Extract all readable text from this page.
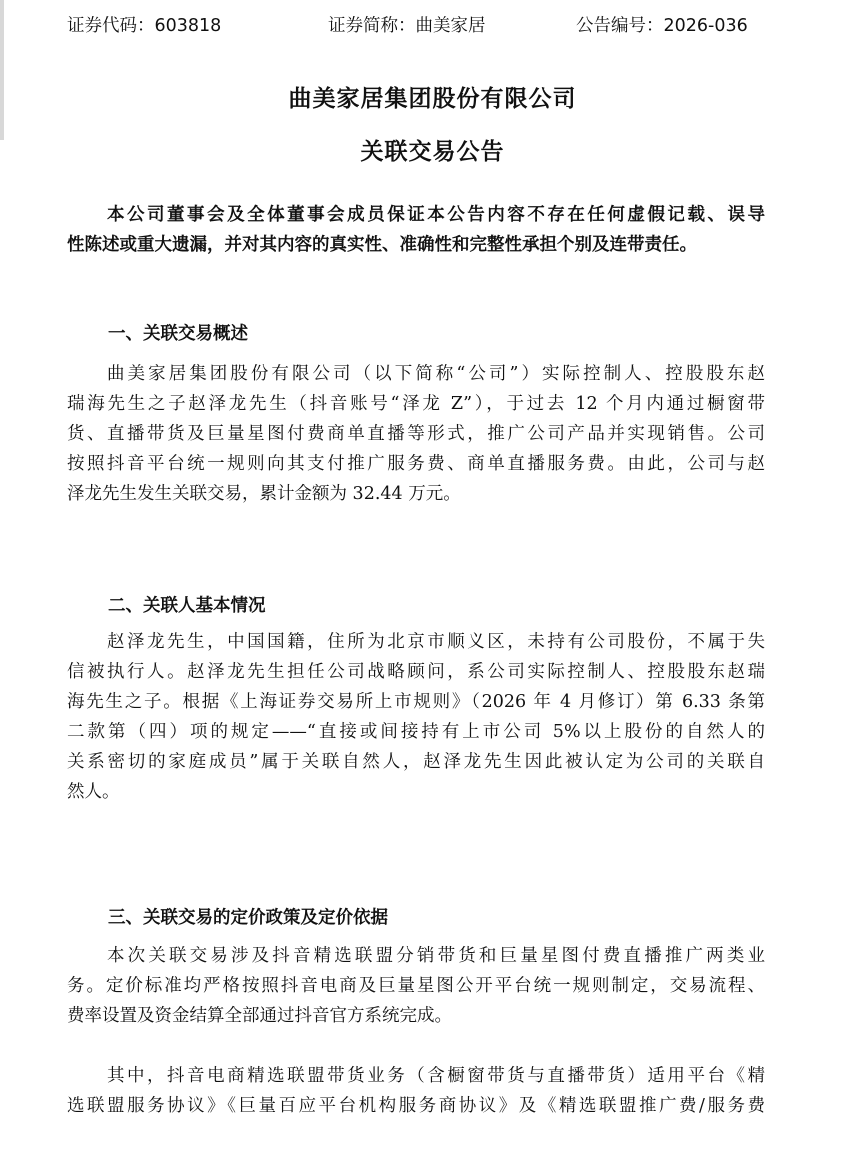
证券代码：603818	证券简称：曲美家居	公告编号：2026-036
曲美家居集团股份有限公司
关联交易公告
本公司董事会及全体董事会成员保证本公告内容不存在任何虚假记载、误导
性陈述或重大遗漏，并对其内容的真实性、准确性和完整性承担个别及连带责任。
一、关联交易概述
曲美家居集团股份有限公司（以下简称“公司”）实际控制人、控股股东赵
瑞海先生之子赵泽龙先生（抖音账号“泽龙 Z”），于过去 12 个月内通过橱窗带
货、直播带货及巨量星图付费商单直播等形式，推广公司产品并实现销售。公司
按照抖音平台统一规则向其支付推广服务费、商单直播服务费。由此，公司与赵
泽龙先生发生关联交易，累计金额为 32.44 万元。
二、关联人基本情况
赵泽龙先生，中国国籍，住所为北京市顺义区，未持有公司股份，不属于失
信被执行人。赵泽龙先生担任公司战略顾问，系公司实际控制人、控股股东赵瑞
海先生之子。根据《上海证券交易所上市规则》（2026 年 4 月修订）第 6.33 条第
二款第（四）项的规定——“直接或间接持有上市公司 5%以上股份的自然人的
关系密切的家庭成员”属于关联自然人，赵泽龙先生因此被认定为公司的关联自
然人。
三、关联交易的定价政策及定价依据
本次关联交易涉及抖音精选联盟分销带货和巨量星图付费直播推广两类业
务。定价标准均严格按照抖音电商及巨量星图公开平台统一规则制定，交易流程、
费率设置及资金结算全部通过抖音官方系统完成。
其中，抖音电商精选联盟带货业务（含橱窗带货与直播带货）适用平台《精
选联盟服务协议》《巨量百应平台机构服务商协议》及《精选联盟推广费/服务费
